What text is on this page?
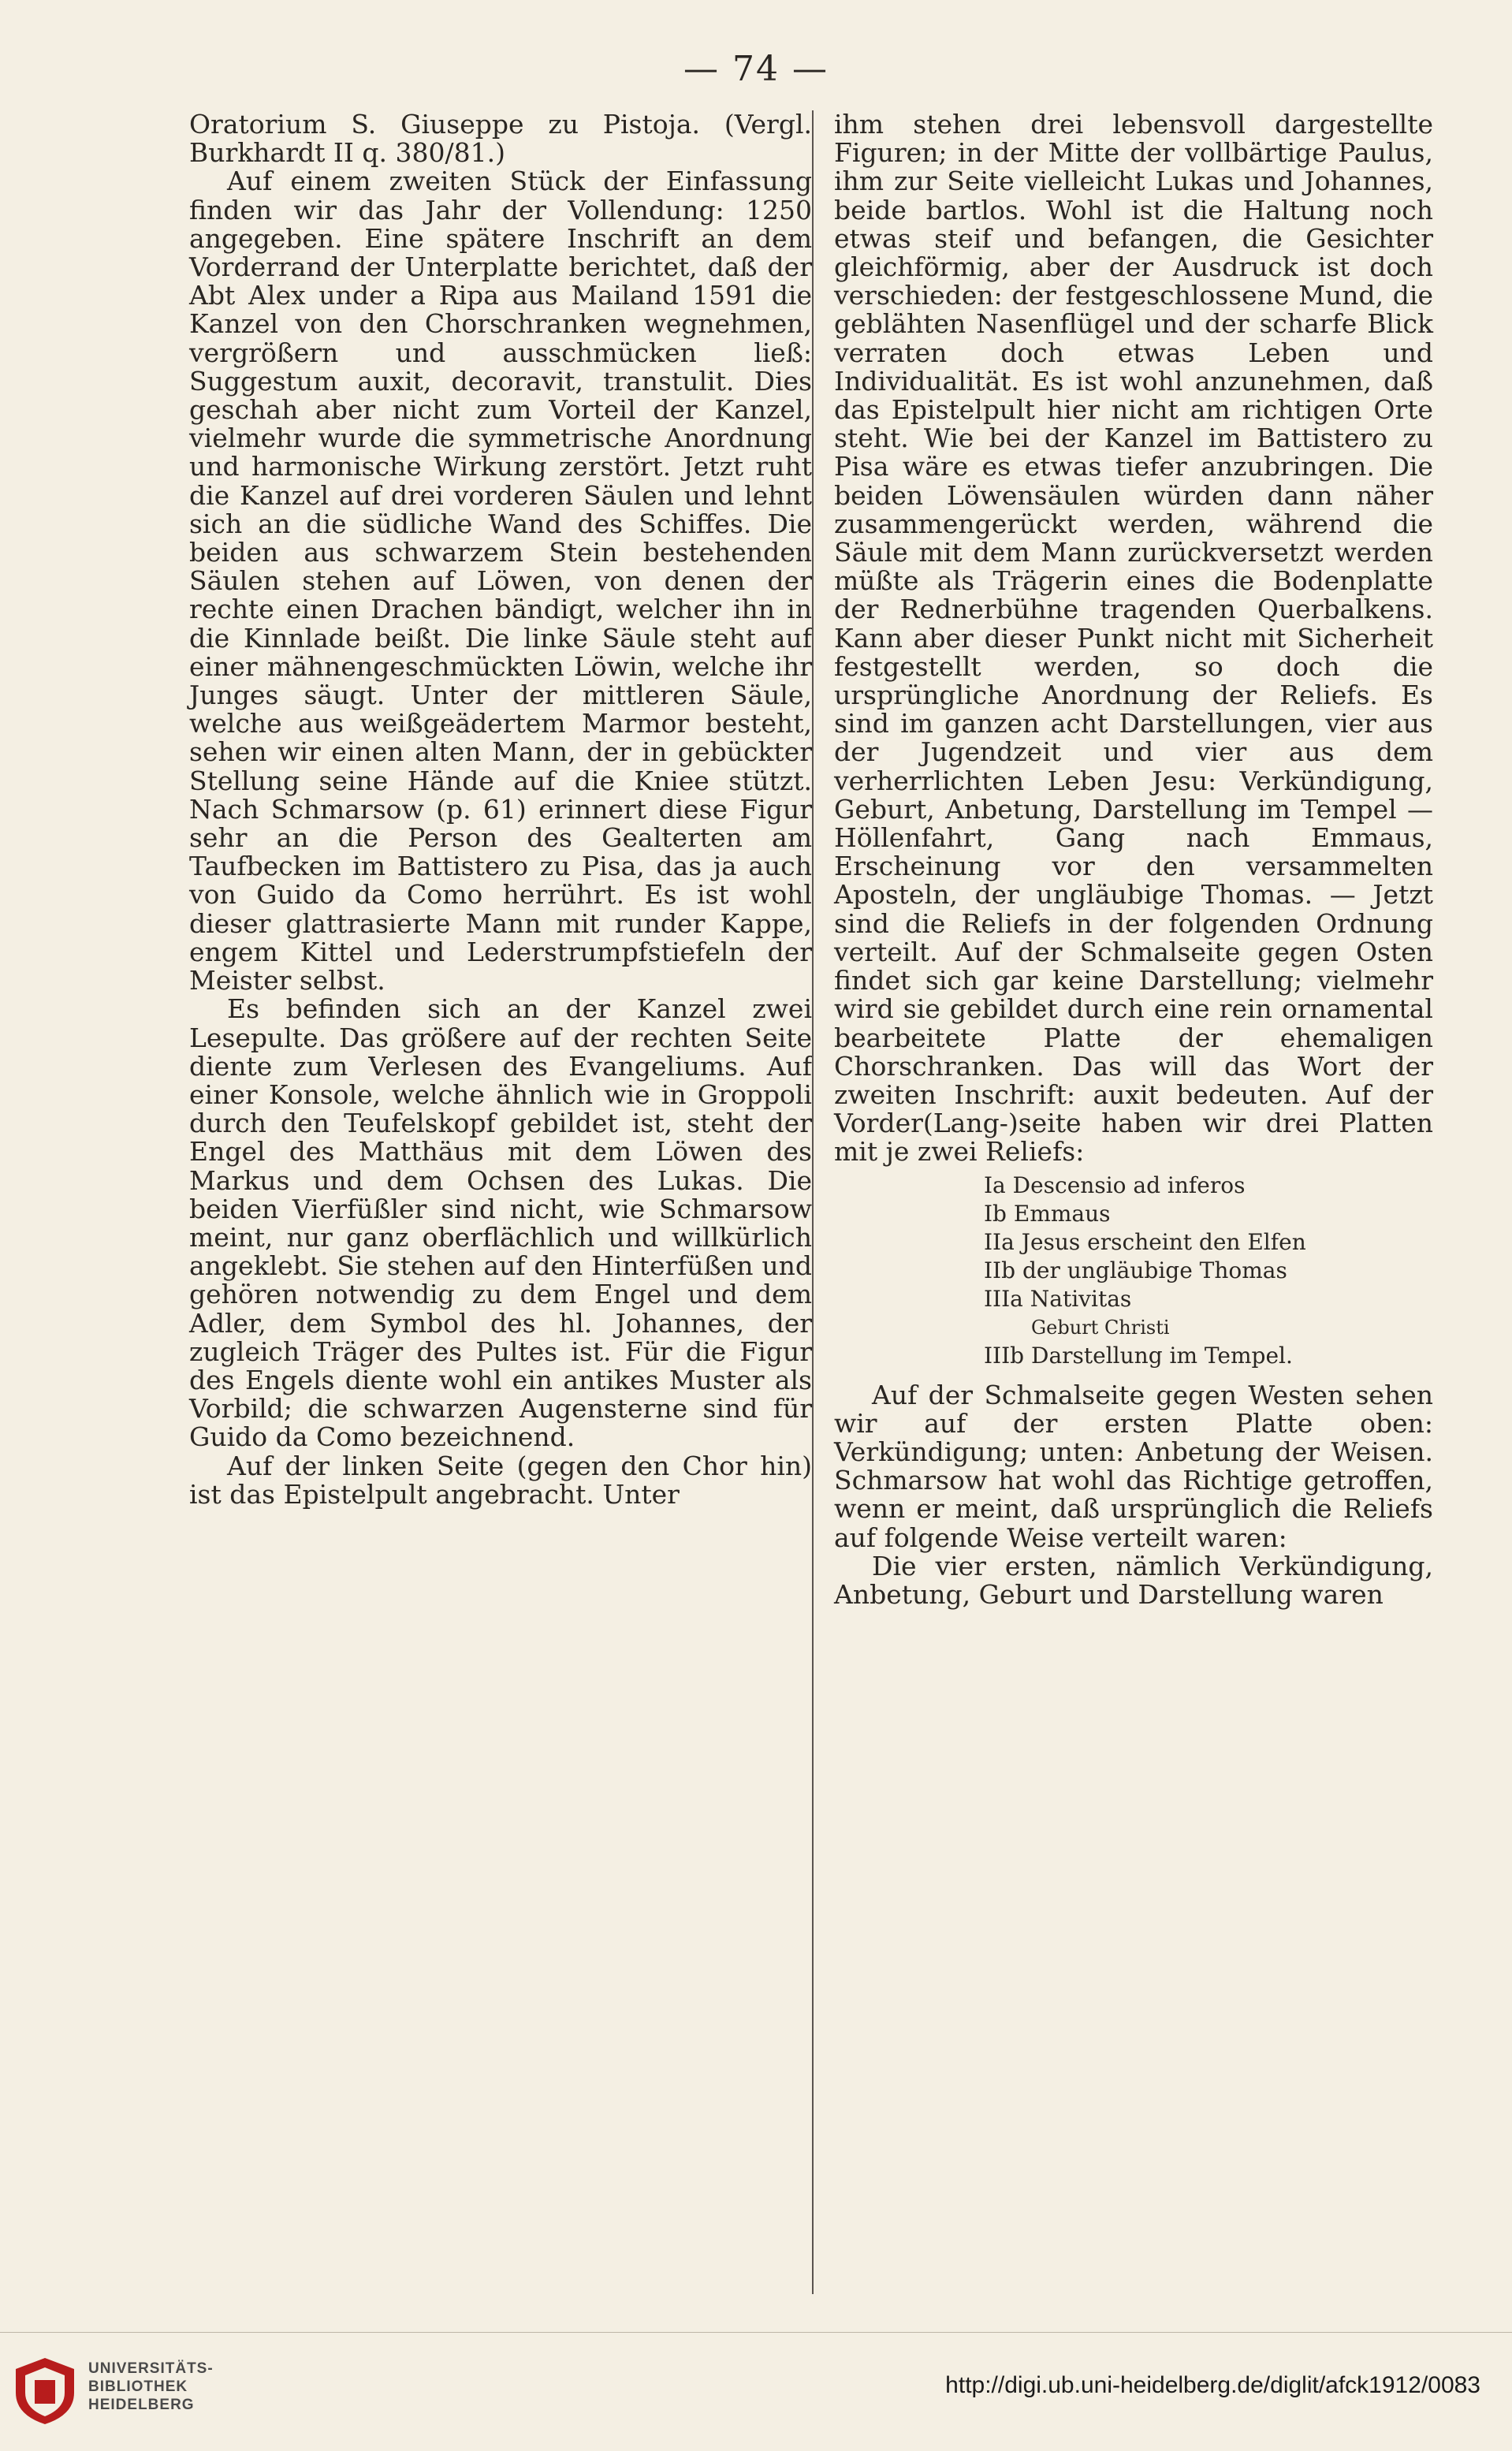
— 74 —

Oratorium S. Giuseppe zu Pistoja. (Vergl. Burkhardt II q. 380/81.)

Auf einem zweiten Stück der Einfassung finden wir das Jahr der Vollendung: 1250 angegeben. Eine spätere Inschrift an dem Vorderrand der Unterplatte berichtet, daß der Abt Alex under a Ripa aus Mailand 1591 die Kanzel von den Chorschranken wegnehmen, vergrößern und ausschmücken ließ: Suggestum auxit, decoravit, transtulit. Dies geschah aber nicht zum Vorteil der Kanzel, vielmehr wurde die symmetrische Anordnung und harmonische Wirkung zerstört. Jetzt ruht die Kanzel auf drei vorderen Säulen und lehnt sich an die südliche Wand des Schiffes. Die beiden aus schwarzem Stein bestehenden Säulen stehen auf Löwen, von denen der rechte einen Drachen bändigt, welcher ihn in die Kinnlade beißt. Die linke Säule steht auf einer mähnengeschmückten Löwin, welche ihr Junges säugt. Unter der mittleren Säule, welche aus weißgeädertem Marmor besteht, sehen wir einen alten Mann, der in gebückter Stellung seine Hände auf die Kniee stützt. Nach Schmarsow (p. 61) erinnert diese Figur sehr an die Person des Gealterten am Taufbecken im Battistero zu Pisa, das ja auch von Guido da Como herrührt. Es ist wohl dieser glattrasierte Mann mit runder Kappe, engem Kittel und Lederstrumpfstiefeln der Meister selbst.

Es befinden sich an der Kanzel zwei Lesepulte. Das größere auf der rechten Seite diente zum Verlesen des Evangeliums. Auf einer Konsole, welche ähnlich wie in Groppoli durch den Teufelskopf gebildet ist, steht der Engel des Matthäus mit dem Löwen des Markus und dem Ochsen des Lukas. Die beiden Vierfüßler sind nicht, wie Schmarsow meint, nur ganz oberflächlich und willkürlich angeklebt. Sie stehen auf den Hinterfüßen und gehören notwendig zu dem Engel und dem Adler, dem Symbol des hl. Johannes, der zugleich Träger des Pultes ist. Für die Figur des Engels diente wohl ein antikes Muster als Vorbild; die schwarzen Augensterne sind für Guido da Como bezeichnend.

Auf der linken Seite (gegen den Chor hin) ist das Epistelpult angebracht. Unter

ihm stehen drei lebensvoll dargestellte Figuren; in der Mitte der vollbärtige Paulus, ihm zur Seite vielleicht Lukas und Johannes, beide bartlos. Wohl ist die Haltung noch etwas steif und befangen, die Gesichter gleichförmig, aber der Ausdruck ist doch verschieden: der festgeschlossene Mund, die geblähten Nasenflügel und der scharfe Blick verraten doch etwas Leben und Individualität. Es ist wohl anzunehmen, daß das Epistelpult hier nicht am richtigen Orte steht. Wie bei der Kanzel im Battistero zu Pisa wäre es etwas tiefer anzubringen. Die beiden Löwensäulen würden dann näher zusammengerückt werden, während die Säule mit dem Mann zurückversetzt werden müßte als Trägerin eines die Bodenplatte der Rednerbühne tragenden Querbalkens. Kann aber dieser Punkt nicht mit Sicherheit festgestellt werden, so doch die ursprüngliche Anordnung der Reliefs. Es sind im ganzen acht Darstellungen, vier aus der Jugendzeit und vier aus dem verherrlichten Leben Jesu: Verkündigung, Geburt, Anbetung, Darstellung im Tempel — Höllenfahrt, Gang nach Emmaus, Erscheinung vor den versammelten Aposteln, der ungläubige Thomas. — Jetzt sind die Reliefs in der folgenden Ordnung verteilt. Auf der Schmalseite gegen Osten findet sich gar keine Darstellung; vielmehr wird sie gebildet durch eine rein ornamental bearbeitete Platte der ehemaligen Chorschranken. Das will das Wort der zweiten Inschrift: auxit bedeuten. Auf der Vorder(Lang-)seite haben wir drei Platten mit je zwei Reliefs:

Ia Descensio ad inferos
Ib Emmaus
IIa Jesus erscheint den Elfen
IIb der ungläubige Thomas
IIIa Nativitas
Geburt Christi
IIIb Darstellung im Tempel.

Auf der Schmalseite gegen Westen sehen wir auf der ersten Platte oben: Verkündigung; unten: Anbetung der Weisen. Schmarsow hat wohl das Richtige getroffen, wenn er meint, daß ursprünglich die Reliefs auf folgende Weise verteilt waren:

Die vier ersten, nämlich Verkündigung, Anbetung, Geburt und Darstellung waren

UNIVERSITÄTS-
BIBLIOTHEK
HEIDELBERG
http://digi.ub.uni-heidelberg.de/diglit/afck1912/0083
